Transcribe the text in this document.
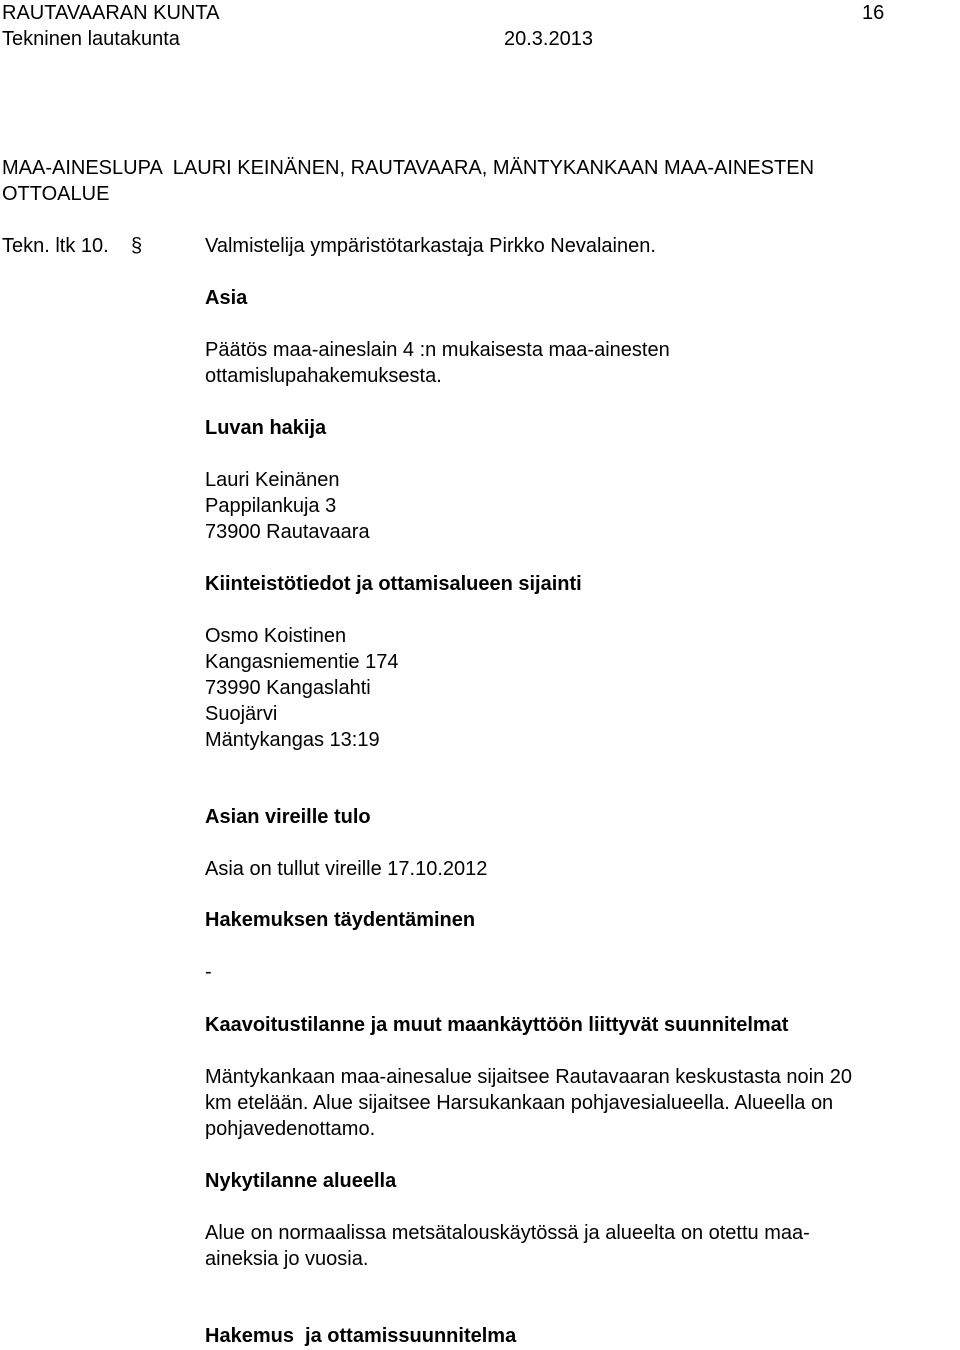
RAUTAVAARAN KUNTA	16
Tekninen lautakunta	20.3.2013
MAA-AINESLUPA  LAURI KEINÄNEN, RAUTAVAARA, MÄNTYKANKAAN MAA-AINESTEN
OTTOALUE
Tekn. ltk 10. §	Valmistelija ympäristötarkastaja Pirkko Nevalainen.
Asia
Päätös maa-aineslain 4 :n mukaisesta maa-ainesten
ottamislupahakemuksesta.
Luvan hakija
Lauri Keinänen
Pappilankuja 3
73900 Rautavaara
Kiinteistötiedot ja ottamisalueen sijainti
Osmo Koistinen
Kangasniementie 174
73990 Kangaslahti
Suojärvi
Mäntykangas 13:19
Asian vireille tulo
Asia on tullut vireille 17.10.2012
Hakemuksen täydentäminen
-
Kaavoitustilanne ja muut maankäyttöön liittyvät suunnitelmat
Mäntykankaan maa-ainesalue sijaitsee Rautavaaran keskustasta noin 20
km etelään. Alue sijaitsee Harsukankaan pohjavesialueella. Alueella on
pohjavedenottamo.
Nykytilanne alueella
Alue on normaalissa metsätalouskäytössä ja alueelta on otettu maa-
aineksia jo vuosia.
Hakemus  ja ottamissuunnitelma
